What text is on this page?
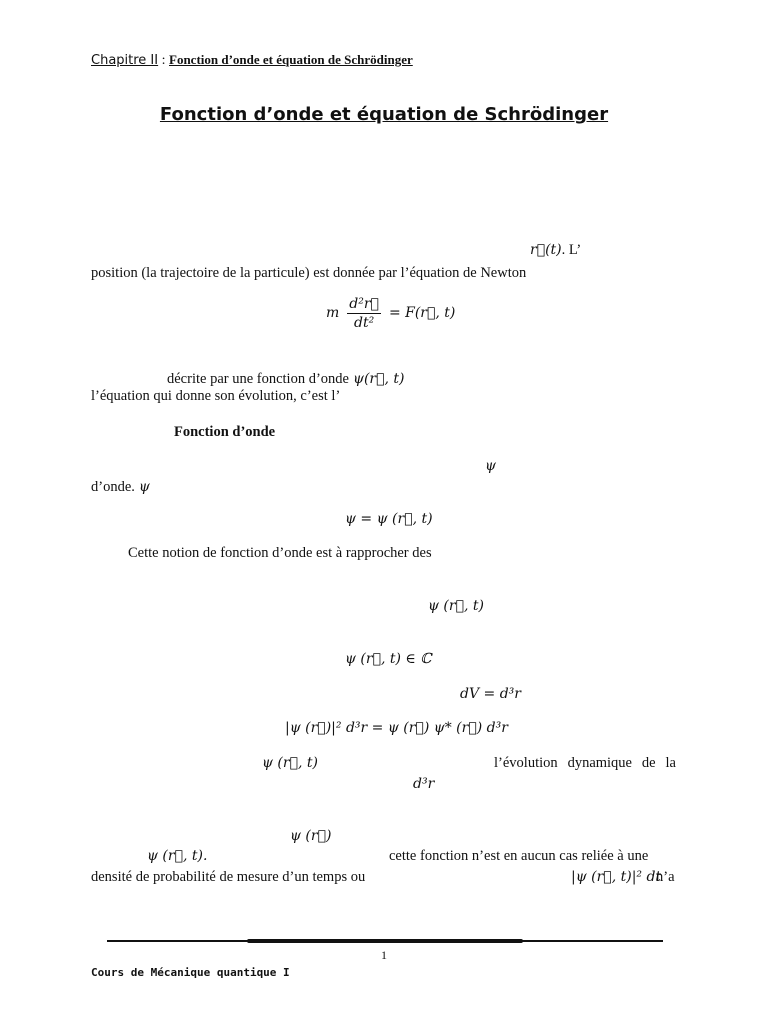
Chapitre II : Fonction d’onde et équation de Schrödinger
Fonction d’onde et équation de Schrödinger
r⃗(t). L’
position (la trajectoire de la particule) est donnée par l’équation de Newton
m $\frac{\text{d²r⃗}}{\text{dt²}}$ = F(r⃗, t)
décrite par une fonction d’onde ψ(r⃗, t)
l’équation qui donne son évolution, c’est l’
Fonction d’onde
ψ
d’onde. ψ
ψ = ψ (r⃗, t)
Cette notion de fonction d’onde est à rapprocher des
ψ (r⃗, t)
ψ (r⃗, t) ∈ ℂ
dV = d³r
|ψ (r⃗)|² d³r = ψ (r⃗) ψ* (r⃗) d³r
ψ (r⃗, t)	l’évolution dynamique de la
d³r
ψ (r⃗)
ψ (r⃗, t).	cette fonction n’est en aucun cas reliée à une
densité de probabilité de mesure d’un temps ou	|ψ (r⃗, t)|² dt
n’a
1
Cours de Mécanique quantique I
